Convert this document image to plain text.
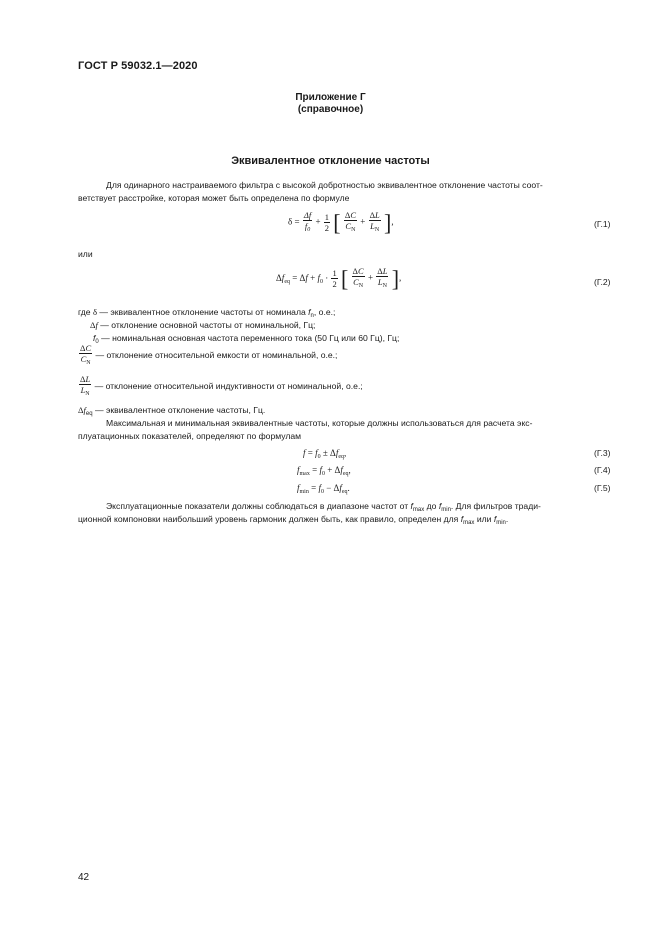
ГОСТ Р 59032.1—2020
Приложение Г
(справочное)
Эквивалентное отклонение частоты
Для одинарного настраиваемого фильтра с высокой добротностью эквивалентное отклонение частоты соот-
ветствует расстройке, которая может быть определена по формуле
$\delta = \frac{\Delta f}{f_0} + \frac{1}{2}$ [ $\frac{\Delta C}{C_N} + \frac{\Delta L}{L_N}$ ],	(Г.1)
или
$\Delta f_{eq} = \Delta f + f_0 \cdot \frac{1}{2}$ [ $\frac{\Delta C}{C_N} + \frac{\Delta L}{L_N}$ ],	(Г.2)
где δ — эквивалентное отклонение частоты от номинала $f_n$, о.е.;
Δf — отклонение основной частоты от номинальной, Гц;
$f_0$ — номинальная основная частота переменного тока (50 Гц или 60 Гц), Гц;
$\frac{\Delta C}{C_N}$ — отклонение относительной емкости от номинальной, о.е.;
$\frac{\Delta L}{L_N}$ — отклонение относительной индуктивности от номинальной, о.е.;
$\Delta f_{eq}$ — эквивалентное отклонение частоты, Гц.
Максимальная и минимальная эквивалентные частоты, которые должны использоваться для расчета экс-
плуатационных показателей, определяют по формулам
$f = f_0 \pm \Delta f_{eq}$,	(Г.3)
$f_{max} = f_0 + \Delta f_{eq}$,	(Г.4)
$f_{min} = f_0 - \Delta f_{eq}$.	(Г.5)
Эксплуатационные показатели должны соблюдаться в диапазоне частот от $f_{max}$ до $f_{min}$. Для фильтров тради-
ционной компоновки наибольший уровень гармоник должен быть, как правило, определен для $f_{max}$ или $f_{min}$.
42
